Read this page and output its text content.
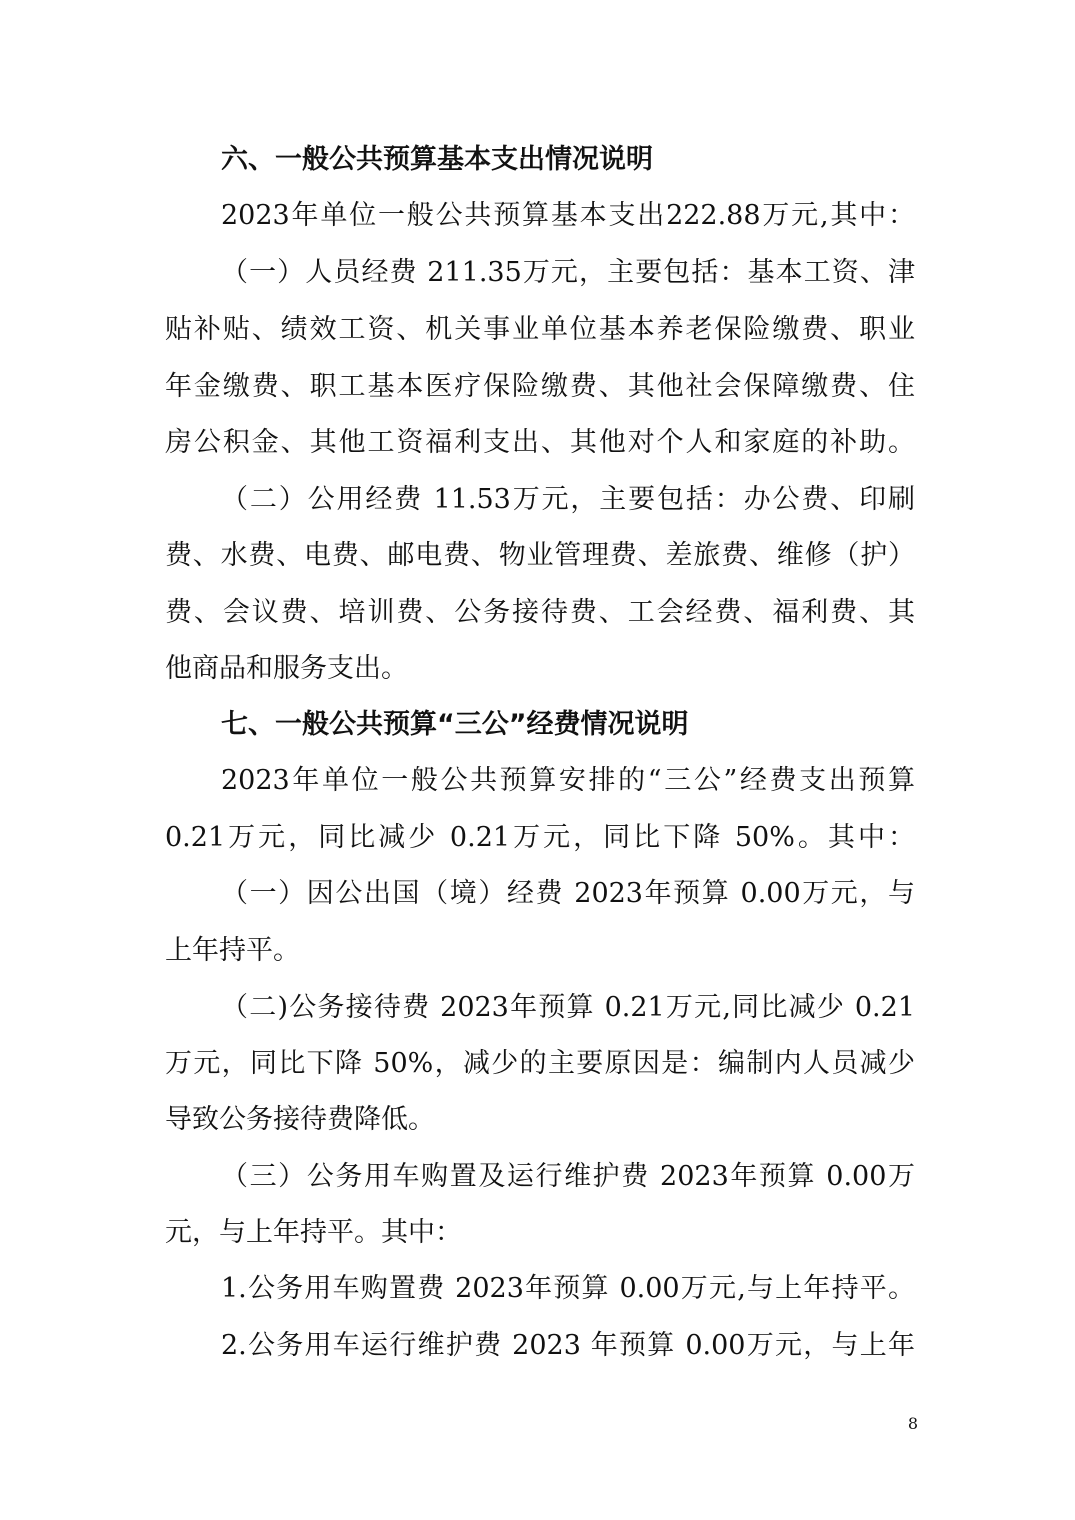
六、一般公共预算基本支出情况说明
2023年单位一般公共预算基本支出222.88万元,其中：
（一）人员经费 211.35万元，主要包括：基本工资、津
贴补贴、绩效工资、机关事业单位基本养老保险缴费、职业
年金缴费、职工基本医疗保险缴费、其他社会保障缴费、住
房公积金、其他工资福利支出、其他对个人和家庭的补助。
（二）公用经费 11.53万元，主要包括：办公费、印刷
费、水费、电费、邮电费、物业管理费、差旅费、维修（护）
费、会议费、培训费、公务接待费、工会经费、福利费、其
他商品和服务支出。
七、一般公共预算“三公”经费情况说明
2023年单位一般公共预算安排的“三公”经费支出预算
0.21万元，同比减少 0.21万元，同比下降 50%。其中：
（一）因公出国（境）经费 2023年预算 0.00万元，与
上年持平。
（二)公务接待费 2023年预算 0.21万元,同比减少 0.21
万元，同比下降 50%，减少的主要原因是：编制内人员减少
导致公务接待费降低。
（三）公务用车购置及运行维护费 2023年预算 0.00万
元，与上年持平。其中：
1.公务用车购置费 2023年预算 0.00万元,与上年持平。
2.公务用车运行维护费 2023 年预算 0.00万元，与上年
8
